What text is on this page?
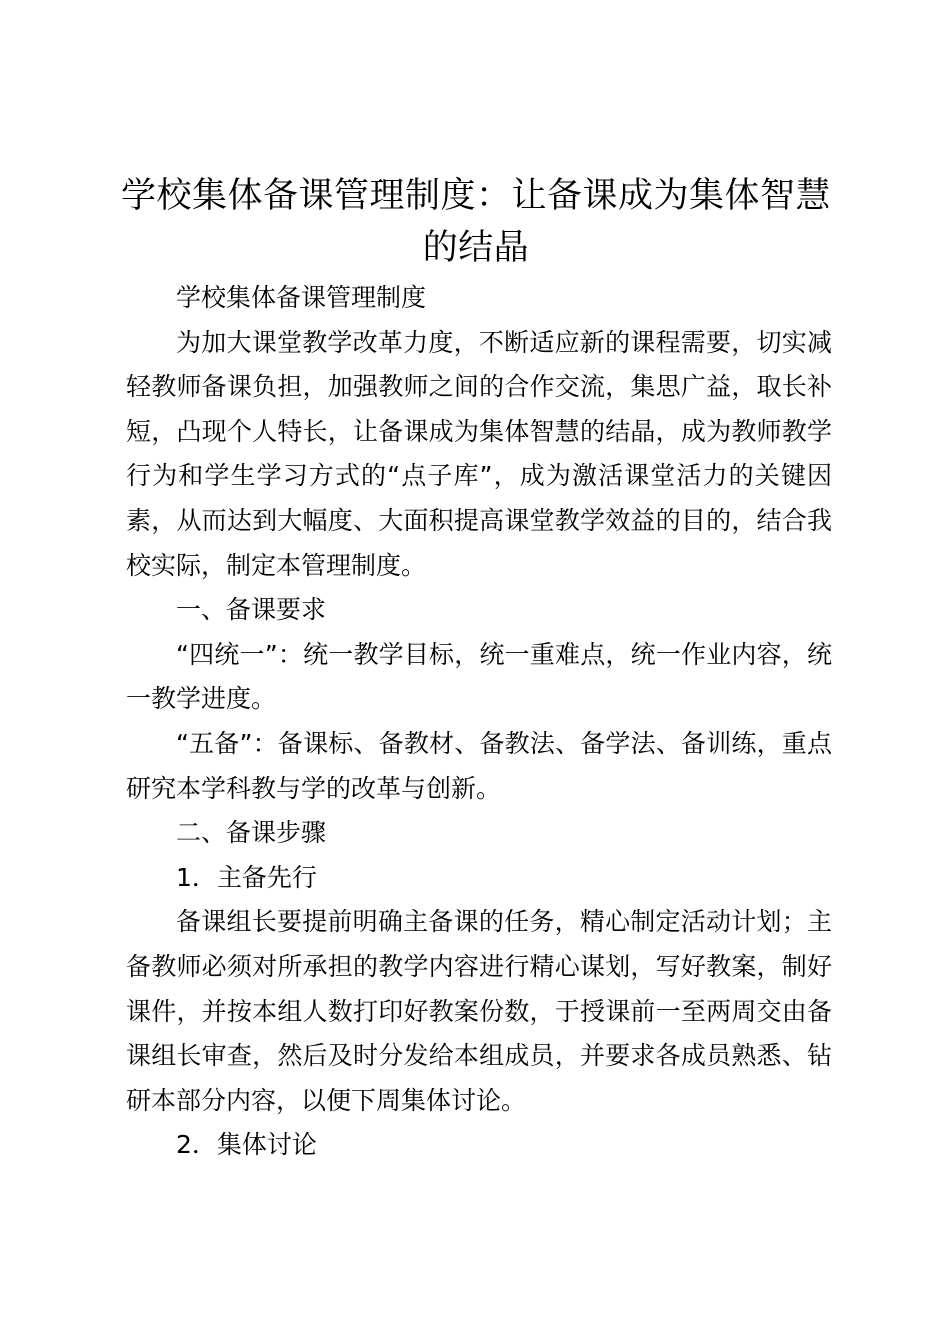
学校集体备课管理制度：让备课成为集体智慧的结晶

学校集体备课管理制度

为加大课堂教学改革力度，不断适应新的课程需要，切实减轻教师备课负担，加强教师之间的合作交流，集思广益，取长补短，凸现个人特长，让备课成为集体智慧的结晶，成为教师教学行为和学生学习方式的“点子库”，成为激活课堂活力的关键因素，从而达到大幅度、大面积提高课堂教学效益的目的，结合我校实际，制定本管理制度。

一、备课要求

“四统一”：统一教学目标，统一重难点，统一作业内容，统一教学进度。

“五备”：备课标、备教材、备教法、备学法、备训练，重点研究本学科教与学的改革与创新。

二、备课步骤

1．主备先行

备课组长要提前明确主备课的任务，精心制定活动计划；主备教师必须对所承担的教学内容进行精心谋划，写好教案，制好课件，并按本组人数打印好教案份数，于授课前一至两周交由备课组长审查，然后及时分发给本组成员，并要求各成员熟悉、钻研本部分内容，以便下周集体讨论。

2．集体讨论
